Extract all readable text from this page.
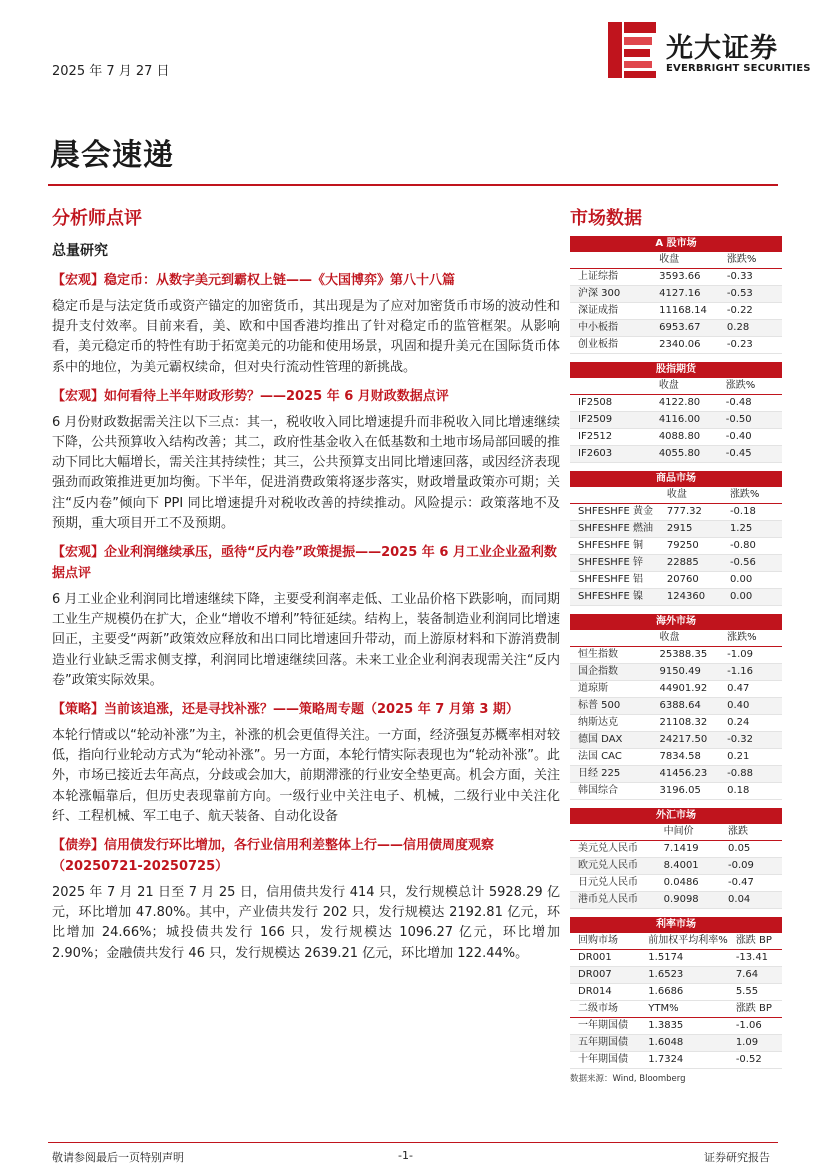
2025 年 7 月 27 日
光大证券
EVERBRIGHT SECURITIES
晨会速递
分析师点评
总量研究
【宏观】稳定币：从数字美元到霸权上链——《大国博弈》第八十八篇
稳定币是与法定货币或资产锚定的加密货币，其出现是为了应对加密货币市场的波动性和提升支付效率。目前来看，美、欧和中国香港均推出了针对稳定币的监管框架。从影响看，美元稳定币的特性有助于拓宽美元的功能和使用场景，巩固和提升美元在国际货币体系中的地位，为美元霸权续命，但对央行流动性管理的新挑战。
【宏观】如何看待上半年财政形势？——2025 年 6 月财政数据点评
6 月份财政数据需关注以下三点：其一，税收收入同比增速提升而非税收入同比增速继续下降，公共预算收入结构改善；其二，政府性基金收入在低基数和土地市场局部回暖的推动下同比大幅增长，需关注其持续性；其三，公共预算支出同比增速回落，或因经济表现强劲而政策推进更加均衡。下半年，促进消费政策将逐步落实，财政增量政策亦可期；关注“反内卷”倾向下 PPI 同比增速提升对税收改善的持续推动。风险提示：政策落地不及预期，重大项目开工不及预期。
【宏观】企业利润继续承压，亟待“反内卷”政策提振——2025 年 6 月工业企业盈利数据点评
6 月工业企业利润同比增速继续下降，主要受利润率走低、工业品价格下跌影响，而同期工业生产规模仍在扩大，企业“增收不增利”特征延续。结构上，装备制造业利润同比增速回正，主要受“两新”政策效应释放和出口同比增速回升带动，而上游原材料和下游消费制造业行业缺乏需求侧支撑，利润同比增速继续回落。未来工业企业利润表现需关注“反内卷”政策实际效果。
【策略】当前该追涨，还是寻找补涨？——策略周专题（2025 年 7 月第 3 期）
本轮行情或以“轮动补涨”为主，补涨的机会更值得关注。一方面，经济强复苏概率相对较低，指向行业轮动方式为“轮动补涨”。另一方面，本轮行情实际表现也为“轮动补涨”。此外，市场已接近去年高点，分歧或会加大，前期滞涨的行业安全垫更高。机会方面，关注本轮涨幅靠后，但历史表现靠前方向。一级行业中关注电子、机械，二级行业中关注化纤、工程机械、军工电子、航天装备、自动化设备
【债券】信用债发行环比增加，各行业信用利差整体上行——信用债周度观察（20250721-20250725）
2025 年 7 月 21 日至 7 月 25 日，信用债共发行 414 只，发行规模总计 5928.29 亿元，环比增加 47.80%。其中，产业债共发行 202 只，发行规模达 2192.81 亿元，环比增加 24.66%；城投债共发行 166 只，发行规模达 1096.27 亿元，环比增加 2.90%；金融债共发行 46 只，发行规模达 2639.21 亿元，环比增加 122.44%。
市场数据
A 股市场		
	收盘	涨跌%
上证综指	3593.66	-0.33
沪深 300	4127.16	-0.53
深证成指	11168.14	-0.22
中小板指	6953.67	0.28
创业板指	2340.06	-0.23
股指期货		
	收盘	涨跌%
IF2508	4122.80	-0.48
IF2509	4116.00	-0.50
IF2512	4088.80	-0.40
IF2603	4055.80	-0.45
商品市场		
	收盘	涨跌%
SHFESHFE 黄金	777.32	-0.18
SHFESHFE 燃油	2915	1.25
SHFESHFE 铜	79250	-0.80
SHFESHFE 锌	22885	-0.56
SHFESHFE 铝	20760	0.00
SHFESHFE 镍	124360	0.00
海外市场		
	收盘	涨跌%
恒生指数	25388.35	-1.09
国企指数	9150.49	-1.16
道琼斯	44901.92	0.47
标普 500	6388.64	0.40
纳斯达克	21108.32	0.24
德国 DAX	24217.50	-0.32
法国 CAC	7834.58	0.21
日经 225	41456.23	-0.88
韩国综合	3196.05	0.18
外汇市场		
	中间价	涨跌
美元兑人民币	7.1419	0.05
欧元兑人民币	8.4001	-0.09
日元兑人民币	0.0486	-0.47
港币兑人民币	0.9098	0.04
利率市场		
回购市场	前加权平均利率%	涨跌 BP
DR001	1.5174	-13.41
DR007	1.6523	7.64
DR014	1.6686	5.55
二级市场	YTM%	涨跌 BP
一年期国债	1.3835	-1.06
五年期国债	1.6048	1.09
十年期国债	1.7324	-0.52
数据来源：Wind, Bloomberg
敬请参阅最后一页特别声明	-1-	证券研究报告
